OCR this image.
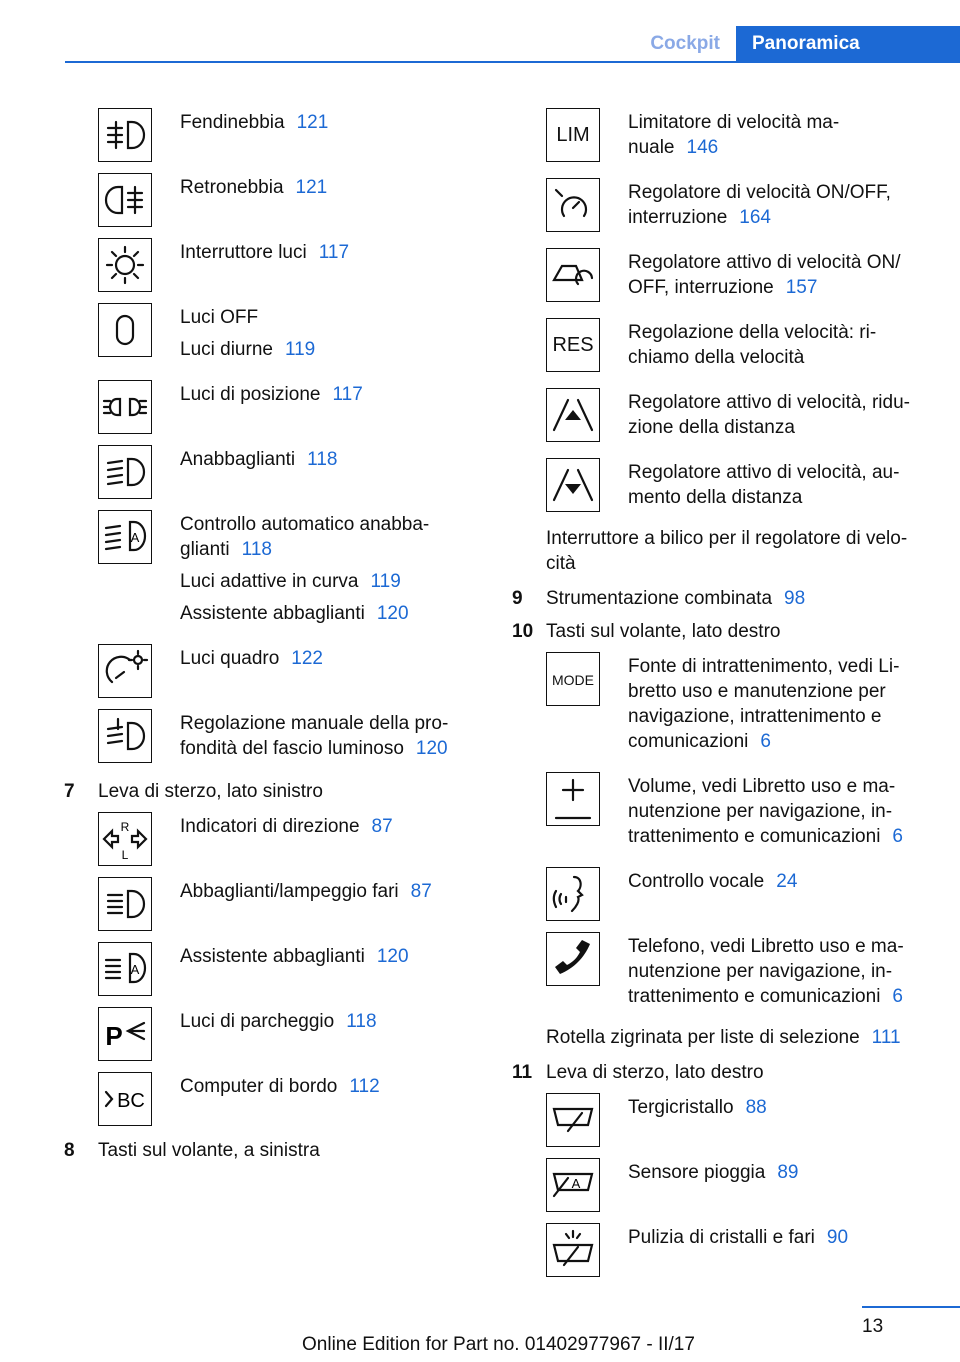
Cockpit	Panoramica

Fendinebbia 121

Retronebbia 121

Interruttore luci 117

Luci OFF

Luci diurne 119

Luci di posizione 117

Anabbaglianti 118

A

Controllo automatico anabba-
glianti 118

Luci adattive in curva 119

Assistente abbaglianti 120

Luci quadro 122

Regolazione manuale della pro-
fondità del fascio luminoso 120

7	Leva di sterzo, lato sinistro
R
L

Indicatori di direzione 87

Abbaglianti/lampeggio fari 87

A

Assistente abbaglianti 120

P	Luci di parcheggio 118

BC

Computer di bordo 112

8	Tasti sul volante, a sinistra
LIM

Limitatore di velocità ma-
nuale 146

Regolatore di velocità ON/OFF,
interruzione 164

Regolatore attivo di velocità ON/
OFF, interruzione 157

RES

Regolazione della velocità: ri-
chiamo della velocità

Regolatore attivo di velocità, ridu-
zione della distanza

Regolatore attivo di velocità, au-
mento della distanza

Interruttore a bilico per il regolatore di velo-
cità
9	Strumentazione combinata 98
10 Tasti sul volante, lato destro
MODE

Fonte di intrattenimento, vedi Li-
bretto uso e manutenzione per
navigazione, intrattenimento e
comunicazioni 6

Volume, vedi Libretto uso e ma-
nutenzione per navigazione, in-
trattenimento e comunicazioni 6

Controllo vocale 24

Telefono, vedi Libretto uso e ma-
nutenzione per navigazione, in-
trattenimento e comunicazioni 6

Rotella zigrinata per liste di selezione 111
11 Leva di sterzo, lato destro

Tergicristallo 88

A

Sensore pioggia 89

Pulizia di cristalli e fari 90

13
Online Edition for Part no. 01402977967 - II/17
